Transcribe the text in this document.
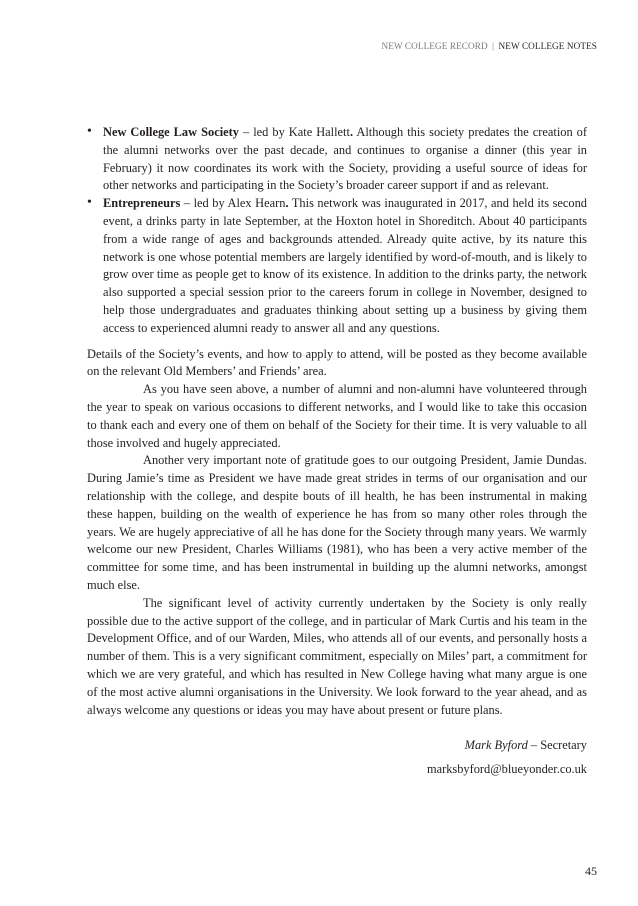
NEW COLLEGE RECORD | NEW COLLEGE NOTES
• New College Law Society – led by Kate Hallett. Although this society predates the creation of the alumni networks over the past decade, and continues to organise a dinner (this year in February) it now coordinates its work with the Society, providing a useful source of ideas for other networks and participating in the Society’s broader career support if and as relevant.
• Entrepreneurs – led by Alex Hearn. This network was inaugurated in 2017, and held its second event, a drinks party in late September, at the Hoxton hotel in Shoreditch. About 40 participants from a wide range of ages and backgrounds attended. Already quite active, by its nature this network is one whose potential members are largely identified by word-of-mouth, and is likely to grow over time as people get to know of its existence. In addition to the drinks party, the network also supported a special session prior to the careers forum in college in November, designed to help those undergraduates and graduates thinking about setting up a business by giving them access to experienced alumni ready to answer all and any questions.

Details of the Society’s events, and how to apply to attend, will be posted as they become available on the relevant Old Members’ and Friends’ area.

As you have seen above, a number of alumni and non-alumni have volunteered through the year to speak on various occasions to different networks, and I would like to take this occasion to thank each and every one of them on behalf of the Society for their time. It is very valuable to all those involved and hugely appreciated.

Another very important note of gratitude goes to our outgoing President, Jamie Dundas. During Jamie’s time as President we have made great strides in terms of our organisation and our relationship with the college, and despite bouts of ill health, he has been instrumental in making these happen, building on the wealth of experience he has from so many other roles through the years. We are hugely appreciative of all he has done for the Society through many years. We warmly welcome our new President, Charles Williams (1981), who has been a very active member of the committee for some time, and has been instrumental in building up the alumni networks, amongst much else.

The significant level of activity currently undertaken by the Society is only really possible due to the active support of the college, and in particular of Mark Curtis and his team in the Development Office, and of our Warden, Miles, who attends all of our events, and personally hosts a number of them. This is a very significant commitment, especially on Miles’ part, a commitment for which we are very grateful, and which has resulted in New College having what many argue is one of the most active alumni organisations in the University. We look forward to the year ahead, and as always welcome any questions or ideas you may have about present or future plans.

Mark Byford – Secretary
marksbyford@blueyonder.co.uk
45
